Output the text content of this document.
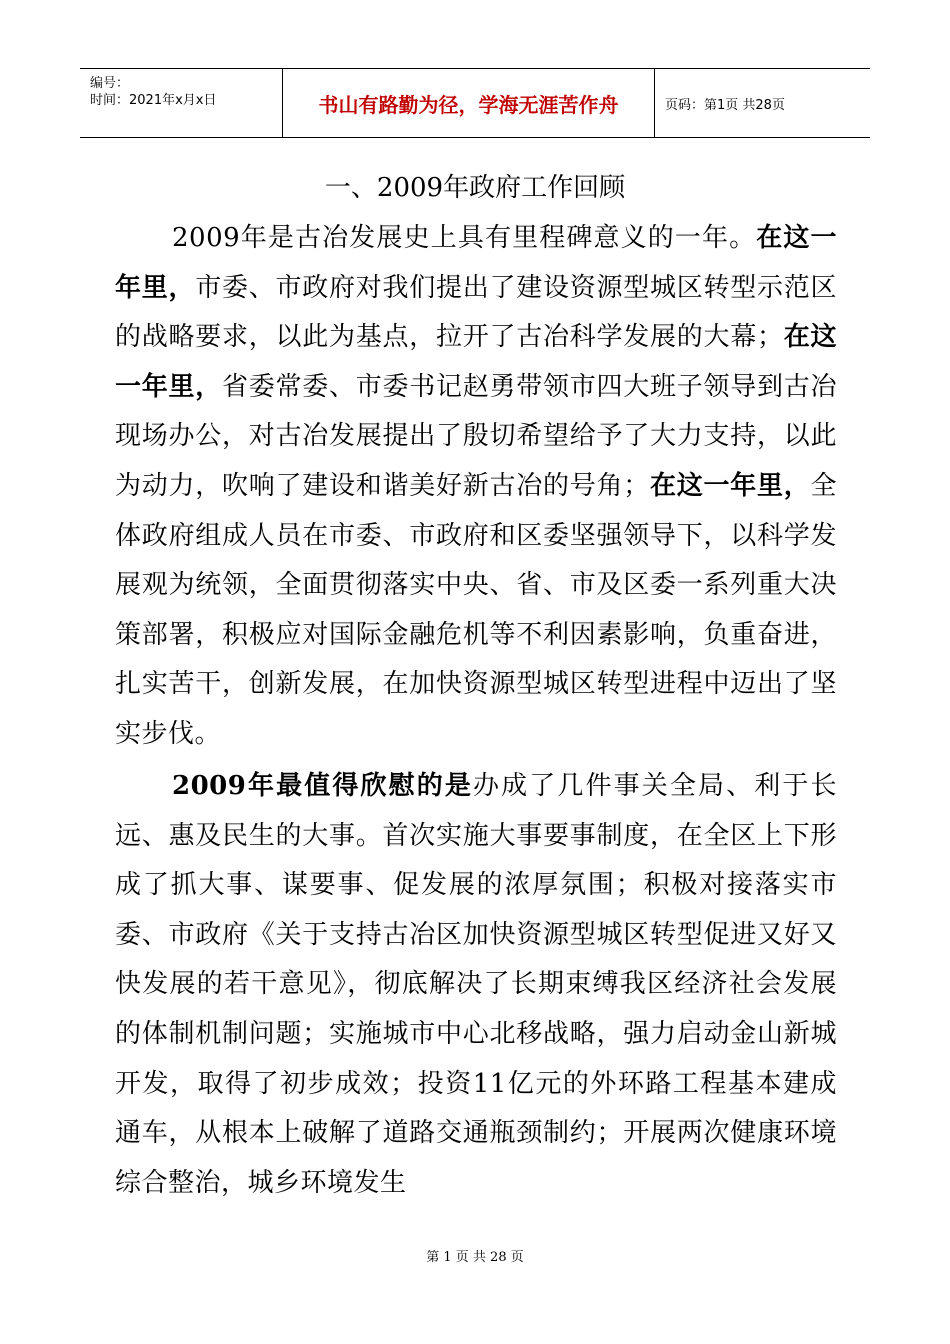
编号：
时间：2021年x月x日	书山有路勤为径，学海无涯苦作舟	页码：第1页 共28页
一、2009年政府工作回顾

2009年是古冶发展史上具有里程碑意义的一年。在这一年里，市委、市政府对我们提出了建设资源型城区转型示范区的战略要求，以此为基点，拉开了古冶科学发展的大幕；在这一年里，省委常委、市委书记赵勇带领市四大班子领导到古冶现场办公，对古冶发展提出了殷切希望给予了大力支持，以此为动力，吹响了建设和谐美好新古冶的号角；在这一年里，全体政府组成人员在市委、市政府和区委坚强领导下，以科学发展观为统领，全面贯彻落实中央、省、市及区委一系列重大决策部署，积极应对国际金融危机等不利因素影响，负重奋进，扎实苦干，创新发展，在加快资源型城区转型进程中迈出了坚实步伐。

2009年最值得欣慰的是办成了几件事关全局、利于长远、惠及民生的大事。首次实施大事要事制度，在全区上下形成了抓大事、谋要事、促发展的浓厚氛围；积极对接落实市委、市政府《关于支持古冶区加快资源型城区转型促进又好又快发展的若干意见》，彻底解决了长期束缚我区经济社会发展的体制机制问题；实施城市中心北移战略，强力启动金山新城开发，取得了初步成效；投资11亿元的外环路工程基本建成通车，从根本上破解了道路交通瓶颈制约；开展两次健康环境综合整治，城乡环境发生

第 1 页 共 28 页
